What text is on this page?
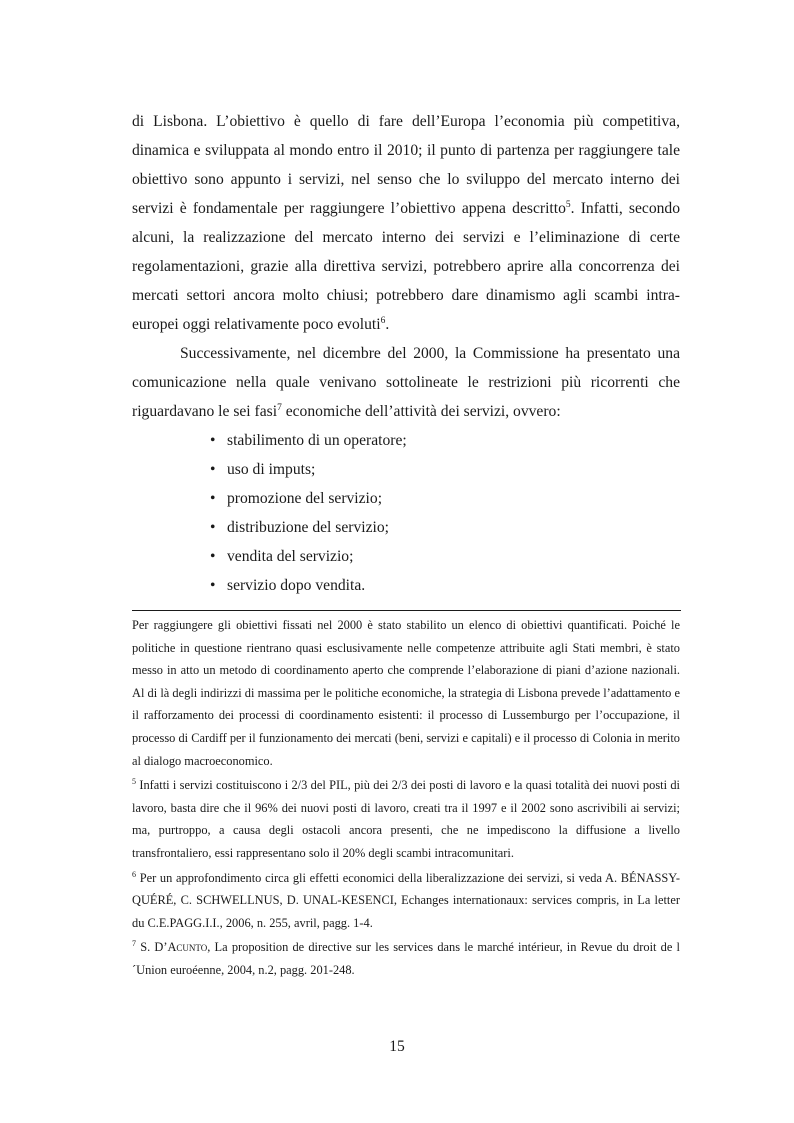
di Lisbona. L’obiettivo è quello di fare dell’Europa l’economia più competitiva, dinamica e sviluppata al mondo entro il 2010; il punto di partenza per raggiungere tale obiettivo sono appunto i servizi, nel senso che lo sviluppo del mercato interno dei servizi è fondamentale per raggiungere l’obiettivo appena descritto$^5$. Infatti, secondo alcuni, la realizzazione del mercato interno dei servizi e l’eliminazione di certe regolamentazioni, grazie alla direttiva servizi, potrebbero aprire alla concorrenza dei mercati settori ancora molto chiusi; potrebbero dare dinamismo agli scambi intra-europei oggi relativamente poco evoluti$^6$.

Successivamente, nel dicembre del 2000, la Commissione ha presentato una comunicazione nella quale venivano sottolineate le restrizioni più ricorrenti che riguardavano le sei fasi$^7$ economiche dell’attività dei servizi, ovvero:

• stabilimento di un operatore;
• uso di imputs;
• promozione del servizio;
• distribuzione del servizio;
• vendita del servizio;
• servizio dopo vendita.

Per raggiungere gli obiettivi fissati nel 2000 è stato stabilito un elenco di obiettivi quantificati. Poiché le politiche in questione rientrano quasi esclusivamente nelle competenze attribuite agli Stati membri, è stato messo in atto un metodo di coordinamento aperto che comprende l’elaborazione di piani d’azione nazionali. Al di là degli indirizzi di massima per le politiche economiche, la strategia di Lisbona prevede l’adattamento e il rafforzamento dei processi di coordinamento esistenti: il processo di Lussemburgo per l’occupazione, il processo di Cardiff per il funzionamento dei mercati (beni, servizi e capitali) e il processo di Colonia in merito al dialogo macroeconomico.

$^5$ Infatti i servizi costituiscono i 2/3 del PIL, più dei 2/3 dei posti di lavoro e la quasi totalità dei nuovi posti di lavoro, basta dire che il 96% dei nuovi posti di lavoro, creati tra il 1997 e il 2002 sono ascrivibili ai servizi; ma, purtroppo, a causa degli ostacoli ancora presenti, che ne impediscono la diffusione a livello transfrontaliero, essi rappresentano solo il 20% degli scambi intracomunitari.

$^6$ Per un approfondimento circa gli effetti economici della liberalizzazione dei servizi, si veda A. BÉNASSY-QUÉRÉ, C. SCHWELLNUS, D. UNAL-KESENCI, Echanges internationaux: services compris, in La letter du C.E.PAGG.I.I., 2006, n. 255, avril, pagg. 1-4.

$^7$ S. D’Acunto, La proposition de directive sur les services dans le marché intérieur, in Revue du droit de l´Union euroéenne, 2004, n.2, pagg. 201-248.

15
